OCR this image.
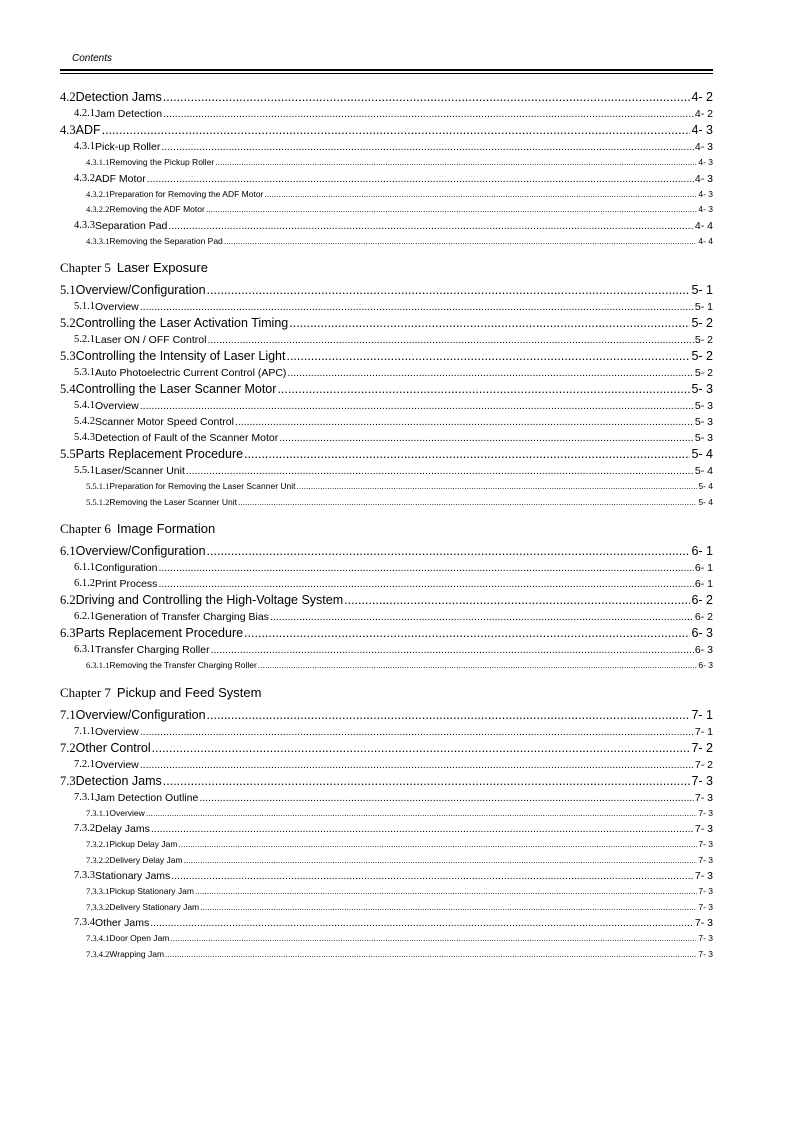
Contents
4.2 Detection Jams .....	4- 2
4.2.1 Jam Detection .....	4- 2
4.3 ADF .....	4- 3
4.3.1 Pick-up Roller .....	4- 3
4.3.1.1 Removing the Pickup Roller .....	4- 3
4.3.2 ADF Motor .....	4- 3
4.3.2.1 Preparation for Removing the ADF Motor .....	4- 3
4.3.2.2 Removing the ADF Motor .....	4- 3
4.3.3 Separation Pad .....	4- 4
4.3.3.1 Removing the Separation Pad .....	4- 4
Chapter 5 Laser Exposure
5.1 Overview/Configuration .....	5- 1
5.1.1 Overview .....	5- 1
5.2 Controlling the Laser Activation Timing .....	5- 2
5.2.1 Laser ON / OFF Control .....	5- 2
5.3 Controlling the Intensity of Laser Light .....	5- 2
5.3.1 Auto Photoelectric Current Control (APC) .....	5- 2
5.4 Controlling the Laser Scanner Motor .....	5- 3
5.4.1 Overview .....	5- 3
5.4.2 Scanner Motor Speed Control .....	5- 3
5.4.3 Detection of Fault of the Scanner Motor .....	5- 3
5.5 Parts Replacement Procedure .....	5- 4
5.5.1 Laser/Scanner Unit .....	5- 4
5.5.1.1 Preparation for Removing the Laser Scanner Unit .....	5- 4
5.5.1.2 Removing the Laser Scanner Unit .....	5- 4
Chapter 6 Image Formation
6.1 Overview/Configuration .....	6- 1
6.1.1 Configuration .....	6- 1
6.1.2 Print Process .....	6- 1
6.2 Driving and Controlling the High-Voltage System .....	6- 2
6.2.1 Generation of Transfer Charging Bias .....	6- 2
6.3 Parts Replacement Procedure .....	6- 3
6.3.1 Transfer Charging Roller .....	6- 3
6.3.1.1 Removing the Transfer Charging Roller .....	6- 3
Chapter 7 Pickup and Feed System
7.1 Overview/Configuration .....	7- 1
7.1.1 Overview .....	7- 1
7.2 Other Control .....	7- 2
7.2.1 Overview .....	7- 2
7.3 Detection Jams .....	7- 3
7.3.1 Jam Detection Outline .....	7- 3
7.3.1.1 Overview .....	7- 3
7.3.2 Delay Jams .....	7- 3
7.3.2.1 Pickup Delay Jam .....	7- 3
7.3.2.2 Delivery Delay Jam .....	7- 3
7.3.3 Stationary Jams .....	7- 3
7.3.3.1 Pickup Stationary Jam .....	7- 3
7.3.3.2 Delivery Stationary Jam .....	7- 3
7.3.4 Other Jams .....	7- 3
7.3.4.1 Door Open Jam .....	7- 3
7.3.4.2 Wrapping Jam .....	7- 3
